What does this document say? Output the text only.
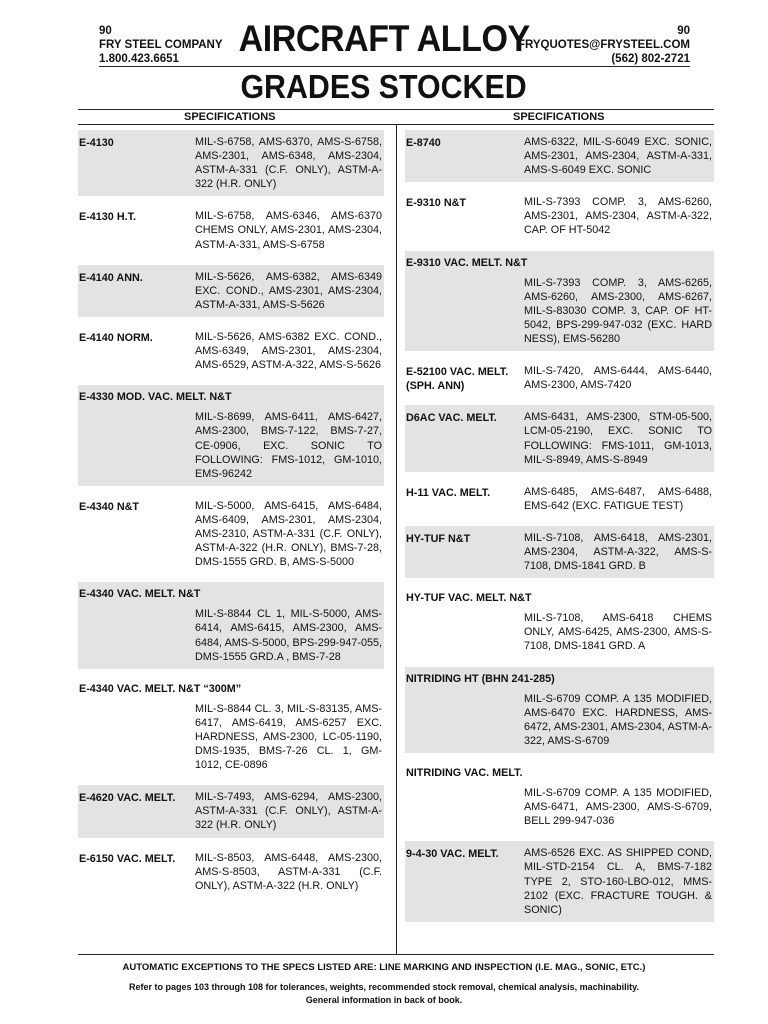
90
FRY STEEL COMPANY
1.800.423.6651	AIRCRAFT ALLOY	90
FRYQUOTES@FRYSTEEL.COM
(562) 802-2721
GRADES STOCKED
SPECIFICATIONS	SPECIFICATIONS
E-4130	MIL-S-6758, AMS-6370, AMS-S-6758, AMS-2301, AMS-6348, AMS-2304, ASTM-A-331 (C.F. ONLY), ASTM-A-322 (H.R. ONLY)
E-4130 H.T.	MIL-S-6758, AMS-6346, AMS-6370 CHEMS ONLY, AMS-2301, AMS-2304, ASTM-A-331, AMS-S-6758
E-4140 ANN.	MIL-S-5626, AMS-6382, AMS-6349 EXC. COND., AMS-2301, AMS-2304, ASTM-A-331, AMS-S-5626
E-4140 NORM.	MIL-S-5626, AMS-6382 EXC. COND., AMS-6349, AMS-2301, AMS-2304, AMS-6529, ASTM-A-322, AMS-S-5626
E-4330 MOD. VAC. MELT. N&T
MIL-S-8699, AMS-6411, AMS-6427, AMS-2300, BMS-7-122, BMS-7-27, CE-0906, EXC. SONIC TO FOLLOWING: FMS-1012, GM-1010, EMS-96242
E-4340 N&T	MIL-S-5000, AMS-6415, AMS-6484, AMS-6409, AMS-2301, AMS-2304, AMS-2310, ASTM-A-331 (C.F. ONLY), ASTM-A-322 (H.R. ONLY), BMS-7-28, DMS-1555 GRD. B, AMS-S-5000
E-4340 VAC. MELT. N&T
MIL-S-8844 CL 1, MIL-S-5000, AMS-6414, AMS-6415, AMS-2300, AMS-6484, AMS-S-5000, BPS-299-947-055, DMS-1555 GRD.A , BMS-7-28
E-4340 VAC. MELT. N&T “300M”
MIL-S-8844 CL. 3, MIL-S-83135, AMS-6417, AMS-6419, AMS-6257 EXC. HARDNESS, AMS-2300, LC-05-1190, DMS-1935, BMS-7-26 CL. 1, GM-1012, CE-0896
E-4620 VAC. MELT.	MIL-S-7493, AMS-6294, AMS-2300, ASTM-A-331 (C.F. ONLY), ASTM-A-322 (H.R. ONLY)
E-6150 VAC. MELT.	MIL-S-8503, AMS-6448, AMS-2300, AMS-S-8503, ASTM-A-331 (C.F. ONLY), ASTM-A-322 (H.R. ONLY)
E-8740	AMS-6322, MIL-S-6049 EXC. SONIC, AMS-2301, AMS-2304, ASTM-A-331, AMS-S-6049 EXC. SONIC
E-9310 N&T	MIL-S-7393 COMP. 3, AMS-6260, AMS-2301, AMS-2304, ASTM-A-322, CAP. OF HT-5042
E-9310 VAC. MELT. N&T
MIL-S-7393 COMP. 3, AMS-6265, AMS-6260, AMS-2300, AMS-6267, MIL-S-83030 COMP. 3, CAP. OF HT-5042, BPS-299-947-032 (EXC. HARD NESS), EMS-56280
E-52100 VAC. MELT. (SPH. ANN)
MIL-S-7420, AMS-6444, AMS-6440, AMS-2300, AMS-7420
D6AC VAC. MELT.	AMS-6431, AMS-2300, STM-05-500, LCM-05-2190, EXC. SONIC TO FOLLOWING: FMS-1011, GM-1013, MIL-S-8949, AMS-S-8949
H-11 VAC. MELT.	AMS-6485, AMS-6487, AMS-6488, EMS-642 (EXC. FATIGUE TEST)
HY-TUF N&T	MIL-S-7108, AMS-6418, AMS-2301, AMS-2304, ASTM-A-322, AMS-S-7108, DMS-1841 GRD. B
HY-TUF VAC. MELT. N&T
MIL-S-7108, AMS-6418 CHEMS ONLY, AMS-6425, AMS-2300, AMS-S-7108, DMS-1841 GRD. A
NITRIDING HT (BHN 241-285)
MIL-S-6709 COMP. A 135 MODIFIED, AMS-6470 EXC. HARDNESS, AMS-6472, AMS-2301, AMS-2304, ASTM-A-322, AMS-S-6709
NITRIDING VAC. MELT.
MIL-S-6709 COMP. A 135 MODIFIED, AMS-6471, AMS-2300, AMS-S-6709, BELL 299-947-036
9-4-30 VAC. MELT.	AMS-6526 EXC. AS SHIPPED COND, MIL-STD-2154 CL. A, BMS-7-182 TYPE 2, STO-160-LBO-012, MMS-2102 (EXC. FRACTURE TOUGH. & SONIC)
AUTOMATIC EXCEPTIONS TO THE SPECS LISTED ARE: LINE MARKING AND INSPECTION (I.E. MAG., SONIC, ETC.)
Refer to pages 103 through 108 for tolerances, weights, recommended stock removal, chemical analysis, machinability.
General information in back of book.
